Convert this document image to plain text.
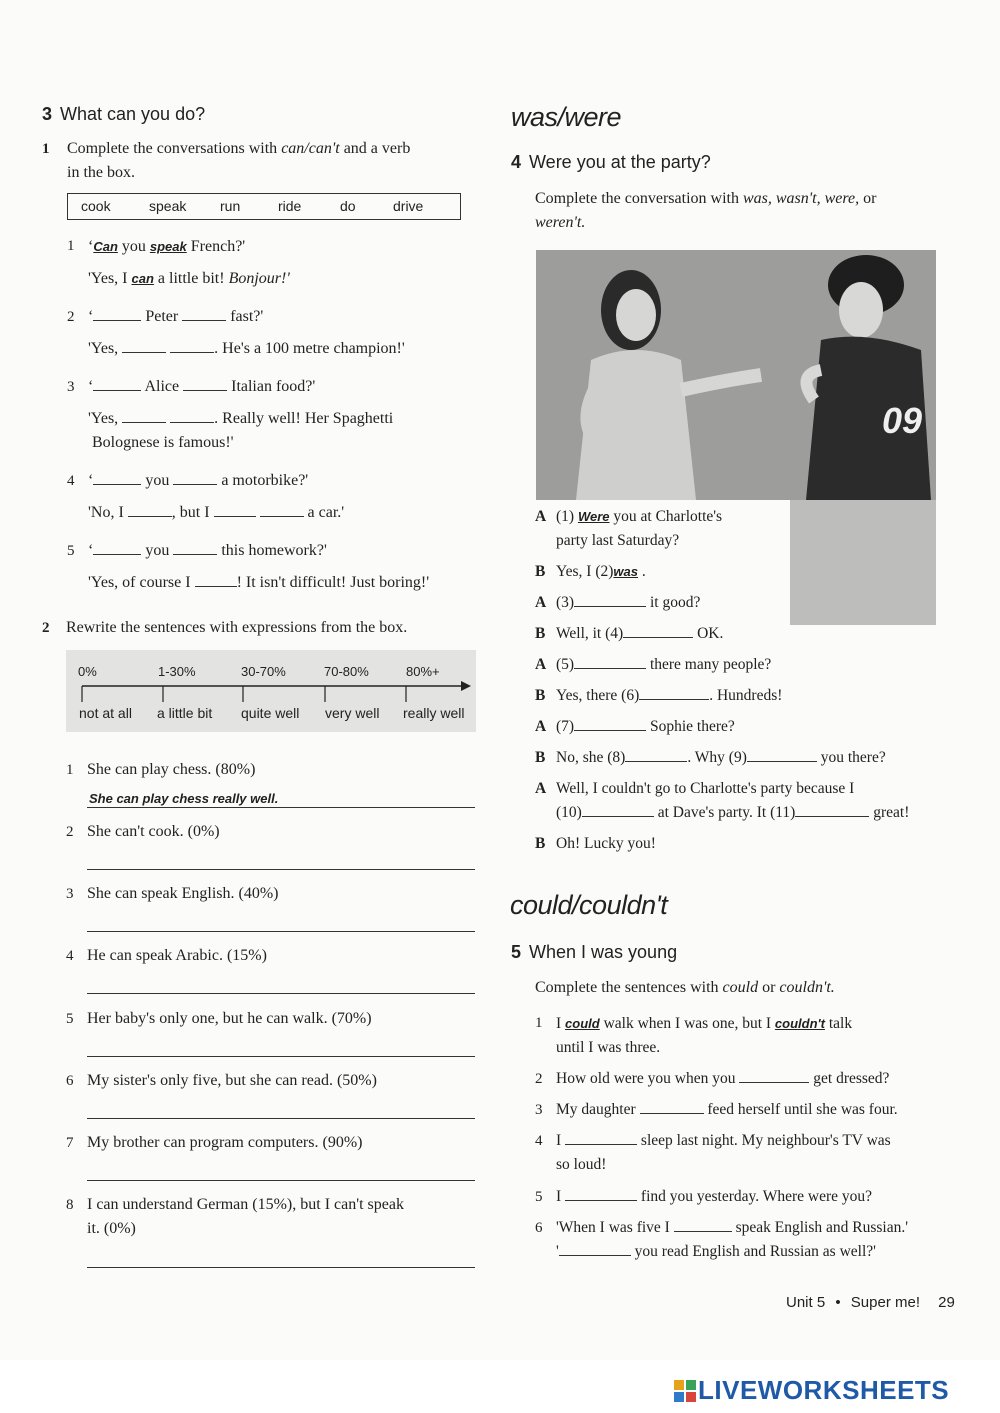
3 What can you do?
1 Complete the conversations with can/can't and a verb
in the box.
cook	speak run	ride	do	drive
1 ‘Can you speak French?'
'Yes, I can a little bit! Bonjour!'
2 ‘	Peter	fast?'
'Yes,	. He's a 100 metre champion!'
3 ‘	Alice	Italian food?'
'Yes,	. Really well! Her Spaghetti
Bolognese is famous!'
4 ‘	you	a motorbike?'
'No, I	, but I	a car.'
5 ‘	you	this homework?'
'Yes, of course I	! It isn't difficult! Just boring!'
2 Rewrite the sentences with expressions from the box.
0%	1-30%	30-70%	70-80%	80%+
not at all a little bit quite well very well really well
1 She can play chess. (80%)
She can play chess really well.
2 She can't cook. (0%)
3 She can speak English. (40%)
4 He can speak Arabic. (15%)
5 Her baby's only one, but he can walk. (70%)
6 My sister's only five, but she can read. (50%)
7 My brother can program computers. (90%)
8 I can understand German (15%), but I can't speak
it. (0%)
was/were
4 Were you at the party?
Complete the conversation with was, wasn't, were, or
weren't.
09
A (1) Were you at Charlotte's
party last Saturday?
B Yes, I (2)was .
A (3)	it good?
B Well, it (4)	OK.
A (5)	there many people?
B Yes, there (6)	. Hundreds!
A (7)	Sophie there?
B No, she (8)	. Why (9)	you there?
A Well, I couldn't go to Charlotte's party because I
(10)	at Dave's party. It (11)	great!
B Oh! Lucky you!
could/couldn't
5 When I was young
Complete the sentences with could or couldn't.
1 I could walk when I was one, but I couldn't talk
until I was three.
2 How old were you when you	get dressed?
3 My daughter	feed herself until she was four.
4 I	sleep last night. My neighbour's TV was
so loud!
5 I	find you yesterday. Where were you?
6 'When I was five I	speak English and Russian.'
'	you read English and Russian as well?'
Unit 5 • Super me! 29
LIVEWORKSHEETS
